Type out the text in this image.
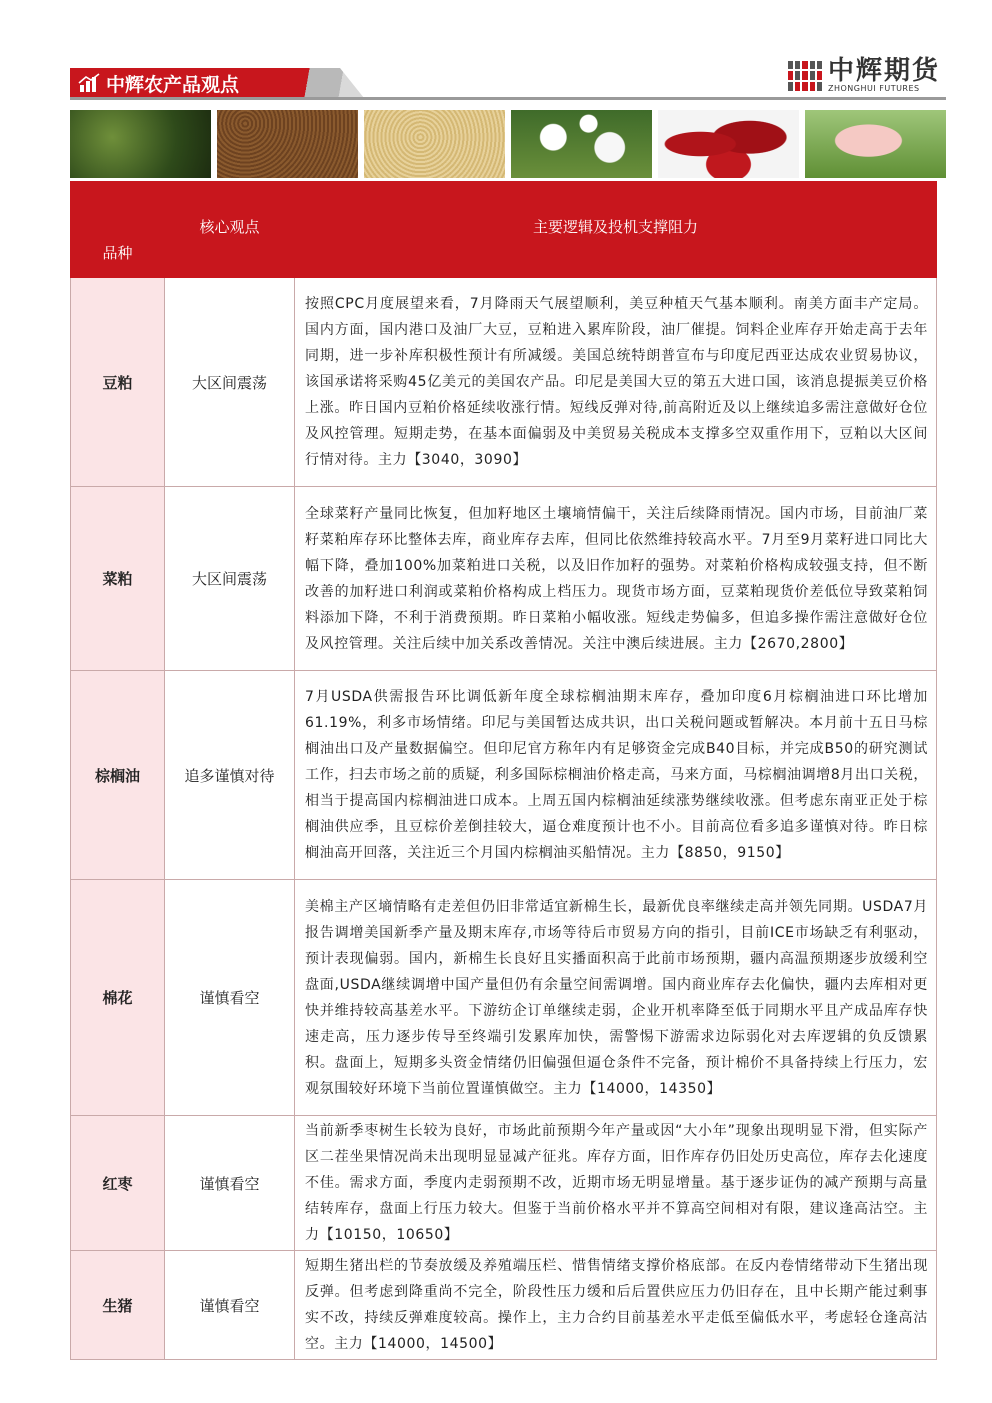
中辉农产品观点	中辉期货
ZHONGHUI FUTURES
品种	核心观点	主要逻辑及投机支撑阻力
豆粕	大区间震荡	按照CPC月度展望来看，7月降雨天气展望顺利，美豆种植天气基本顺利。南美方面丰产定局。国内方面，国内港口及油厂大豆，豆粕进入累库阶段，油厂催提。饲料企业库存开始走高于去年同期，进一步补库积极性预计有所减缓。美国总统特朗普宣布与印度尼西亚达成农业贸易协议，该国承诺将采购45亿美元的美国农产品。印尼是美国大豆的第五大进口国，该消息提振美豆价格上涨。昨日国内豆粕价格延续收涨行情。短线反弹对待,前高附近及以上继续追多需注意做好仓位及风控管理。短期走势，在基本面偏弱及中美贸易关税成本支撑多空双重作用下，豆粕以大区间行情对待。主力【3040，3090】
菜粕	大区间震荡	全球菜籽产量同比恢复，但加籽地区土壤墒情偏干，关注后续降雨情况。国内市场，目前油厂菜籽菜粕库存环比整体去库，商业库存去库，但同比依然维持较高水平。7月至9月菜籽进口同比大幅下降，叠加100%加菜粕进口关税，以及旧作加籽的强势。对菜粕价格构成较强支持，但不断改善的加籽进口利润或菜粕价格构成上档压力。现货市场方面，豆菜粕现货价差低位导致菜粕饲料添加下降，不利于消费预期。昨日菜粕小幅收涨。短线走势偏多，但追多操作需注意做好仓位及风控管理。关注后续中加关系改善情况。关注中澳后续进展。主力【2670,2800】
棕榈油	追多谨慎对待	7月USDA供需报告环比调低新年度全球棕榈油期末库存，叠加印度6月棕榈油进口环比增加61.19%，利多市场情绪。印尼与美国暂达成共识，出口关税问题或暂解决。本月前十五日马棕榈油出口及产量数据偏空。但印尼官方称年内有足够资金完成B40目标，并完成B50的研究测试工作，扫去市场之前的质疑，利多国际棕榈油价格走高，马来方面，马棕榈油调增8月出口关税，相当于提高国内棕榈油进口成本。上周五国内棕榈油延续涨势继续收涨。但考虑东南亚正处于棕榈油供应季，且豆棕价差倒挂较大，逼仓难度预计也不小。目前高位看多追多谨慎对待。昨日棕榈油高开回落，关注近三个月国内棕榈油买船情况。主力【8850，9150】
棉花	谨慎看空	美棉主产区墒情略有走差但仍旧非常适宜新棉生长，最新优良率继续走高并领先同期。USDA7月报告调增美国新季产量及期末库存,市场等待后市贸易方向的指引，目前ICE市场缺乏有利驱动，预计表现偏弱。国内，新棉生长良好且实播面积高于此前市场预期，疆内高温预期逐步放缓利空盘面,USDA继续调增中国产量但仍有余量空间需调增。国内商业库存去化偏快，疆内去库相对更快并维持较高基差水平。下游纺企订单继续走弱，企业开机率降至低于同期水平且产成品库存快速走高，压力逐步传导至终端引发累库加快，需警惕下游需求边际弱化对去库逻辑的负反馈累积。盘面上，短期多头资金情绪仍旧偏强但逼仓条件不完备，预计棉价不具备持续上行压力，宏观氛围较好环境下当前位置谨慎做空。主力【14000，14350】
红枣	谨慎看空	当前新季枣树生长较为良好，市场此前预期今年产量或因“大小年”现象出现明显下滑，但实际产区二茬坐果情况尚未出现明显显减产征兆。库存方面，旧作库存仍旧处历史高位，库存去化速度不佳。需求方面，季度内走弱预期不改，近期市场无明显增量。基于逐步证伪的减产预期与高量结转库存，盘面上行压力较大。但鉴于当前价格水平并不算高空间相对有限，建议逢高沽空。主力【10150，10650】
生猪	谨慎看空	短期生猪出栏的节奏放缓及养殖端压栏、惜售情绪支撑价格底部。在反内卷情绪带动下生猪出现反弹。但考虑到降重尚不完全，阶段性压力缓和后后置供应压力仍旧存在，且中长期产能过剩事实不改，持续反弹难度较高。操作上，主力合约目前基差水平走低至偏低水平，考虑轻仓逢高沽空。主力【14000，14500】
